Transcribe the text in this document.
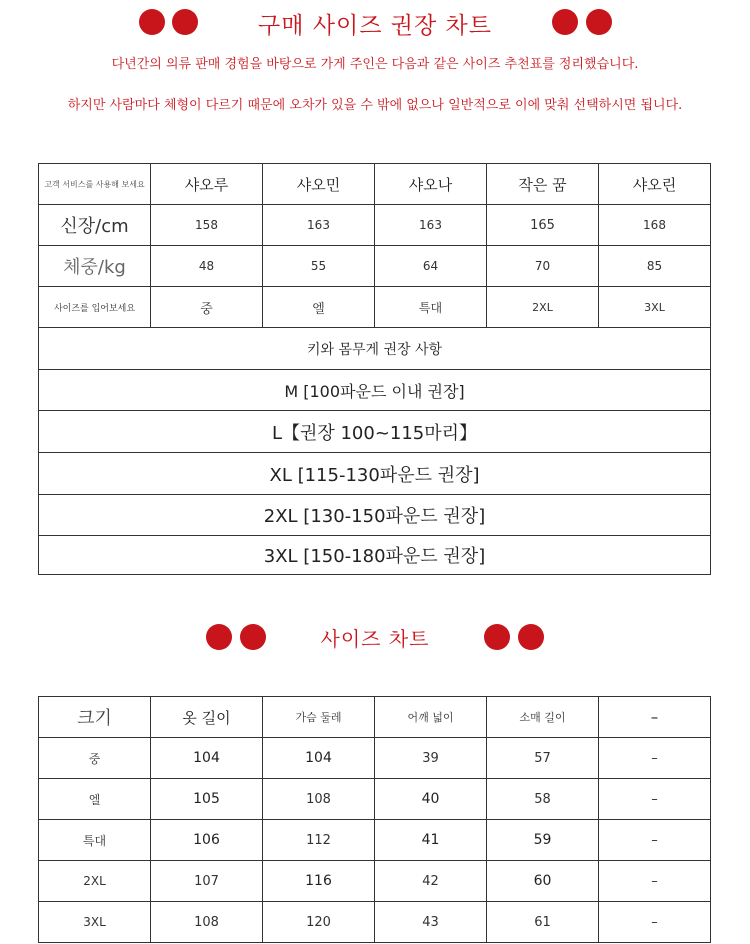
구매 사이즈 권장 차트
다년간의 의류 판매 경험을 바탕으로 가게 주인은 다음과 같은 사이즈 추천표를 정리했습니다.
하지만 사람마다 체형이 다르기 때문에 오차가 있을 수 밖에 없으나 일반적으로 이에 맞춰 선택하시면 됩니다.
고객 서비스를 사용해 보세요	샤오루	샤오민	샤오나	작은 꿈	샤오린
신장/cm	158	163	163	165	168
체중/kg	48	55	64	70	85
사이즈를 입어보세요	중	엘	특대	2XL	3XL
키와 몸무게 권장 사항					
M [100파운드 이내 권장]					
L【권장 100~115마리】					
XL [115-130파운드 권장]					
2XL [130-150파운드 권장]					
3XL [150-180파운드 권장]					
사이즈 차트
크기	옷 길이	가슴 둘레	어깨 넓이	소매 길이	–
중	104	104	39	57	–
엘	105	108	40	58	–
특대	106	112	41	59	–
2XL	107	116	42	60	–
3XL	108	120	43	61	–
